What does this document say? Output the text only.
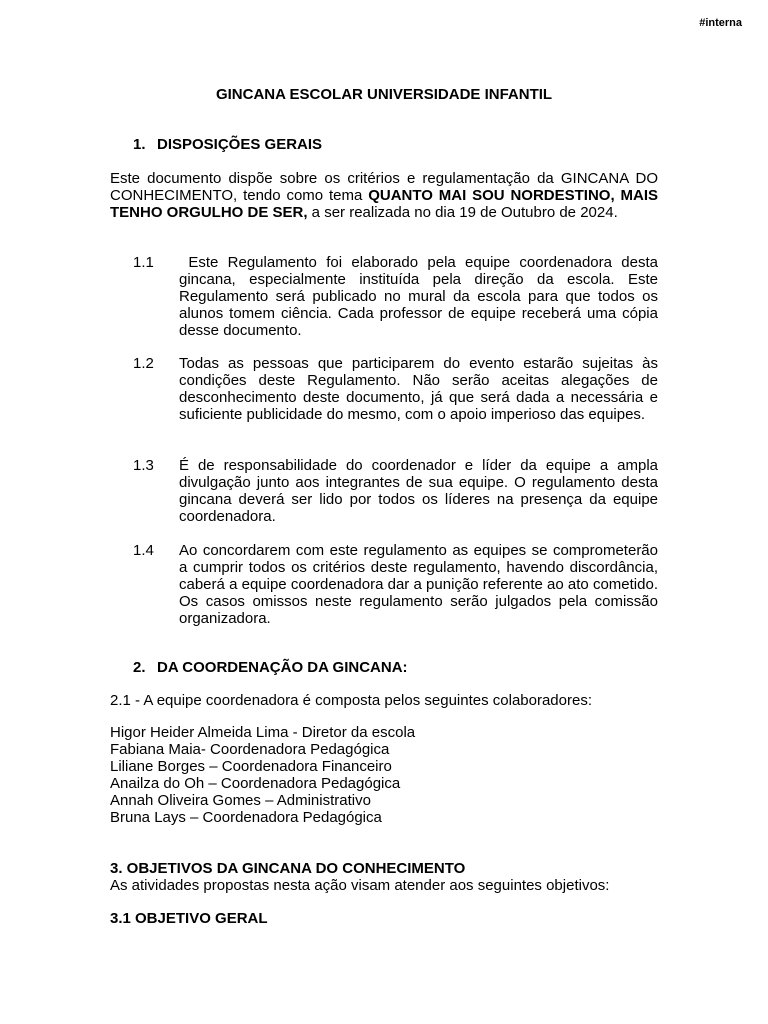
#interna
GINCANA ESCOLAR UNIVERSIDADE INFANTIL
1. DISPOSIÇÕES GERAIS
Este documento dispõe sobre os critérios e regulamentação da GINCANA DO CONHECIMENTO, tendo como tema QUANTO MAI SOU NORDESTINO, MAIS TENHO ORGULHO DE SER, a ser realizada no dia 19 de Outubro de 2024.
1.1	Este Regulamento foi elaborado pela equipe coordenadora desta gincana, especialmente instituída pela direção da escola. Este Regulamento será publicado no mural da escola para que todos os alunos tomem ciência. Cada professor de equipe receberá uma cópia desse documento.
1.2	Todas as pessoas que participarem do evento estarão sujeitas às condições deste Regulamento. Não serão aceitas alegações de desconhecimento deste documento, já que será dada a necessária e suficiente publicidade do mesmo, com o apoio imperioso das equipes.
1.3	É de responsabilidade do coordenador e líder da equipe a ampla divulgação junto aos integrantes de sua equipe. O regulamento desta gincana deverá ser lido por todos os líderes na presença da equipe coordenadora.
1.4	Ao concordarem com este regulamento as equipes se comprometerão a cumprir todos os critérios deste regulamento, havendo discordância, caberá a equipe coordenadora dar a punição referente ao ato cometido. Os casos omissos neste regulamento serão julgados pela comissão organizadora.
2. DA COORDENAÇÃO DA GINCANA:
2.1 - A equipe coordenadora é composta pelos seguintes colaboradores:
Higor Heider Almeida Lima - Diretor da escola
Fabiana Maia- Coordenadora Pedagógica
Liliane Borges – Coordenadora Financeiro
Anailza do Oh – Coordenadora Pedagógica
Annah Oliveira Gomes – Administrativo
Bruna Lays – Coordenadora Pedagógica
3. OBJETIVOS DA GINCANA DO CONHECIMENTO
As atividades propostas nesta ação visam atender aos seguintes objetivos:
3.1 OBJETIVO GERAL
